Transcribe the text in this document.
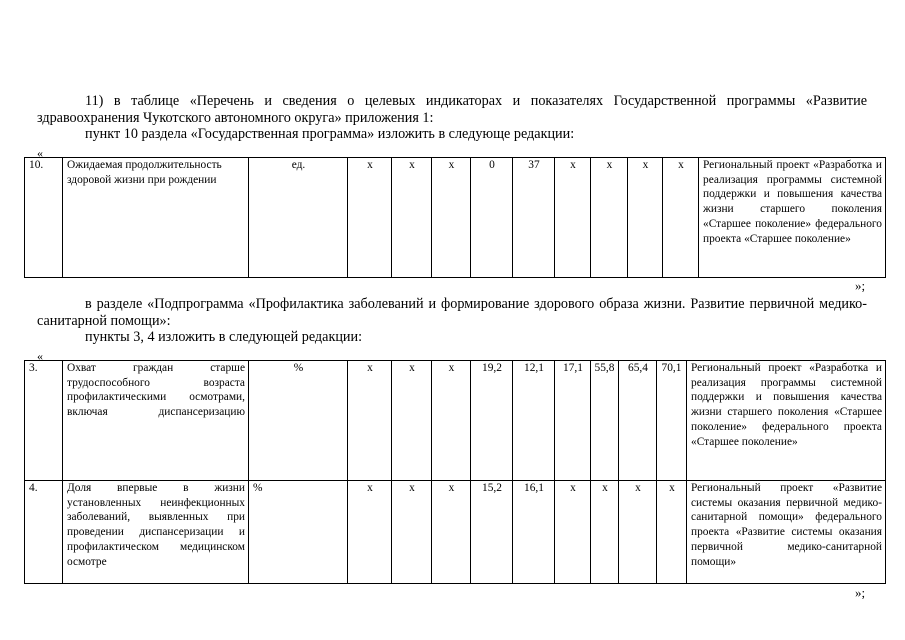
11) в таблице «Перечень и сведения о целевых индикаторах и показателях Государственной программы «Развитие здравоохранения Чукотского автономного округа» приложения 1:
пункт 10 раздела «Государственная программа» изложить в следующе редакции:
«
10.	Ожидаемая продолжительность здоровой жизни при рождении	ед.	х	х	х	0	37	х	х	х	х	Региональный проект «Разработка и реализация программы системной поддержки и повышения качества жизни старшего поколения «Старшее поколение» федерального проекта «Старшее поколение»
»;
в разделе «Подпрограмма «Профилактика заболеваний и формирование здорового образа жизни. Развитие первичной медико-санитарной помощи»:
пункты 3, 4 изложить в следующей редакции:
«
3.	Охват граждан старше трудоспособного возраста профилактическими осмотрами, включая диспансеризацию	%	х	х	х	19,2	12,1	17,1	55,8	65,4	70,1	Региональный проект «Разработка и реализация программы системной поддержки и повышения качества жизни старшего поколения «Старшее поколение» федерального проекта «Старшее поколение»
4.	Доля впервые в жизни установленных неинфекционных заболеваний, выявленных при проведении диспансеризации и профилактическом медицинском осмотре	%	х	х	х	15,2	16,1	х	х	х	х	Региональный проект «Развитие системы оказания первичной медико-санитарной помощи» федерального проекта «Развитие системы оказания первичной медико-санитарной помощи»
»;
